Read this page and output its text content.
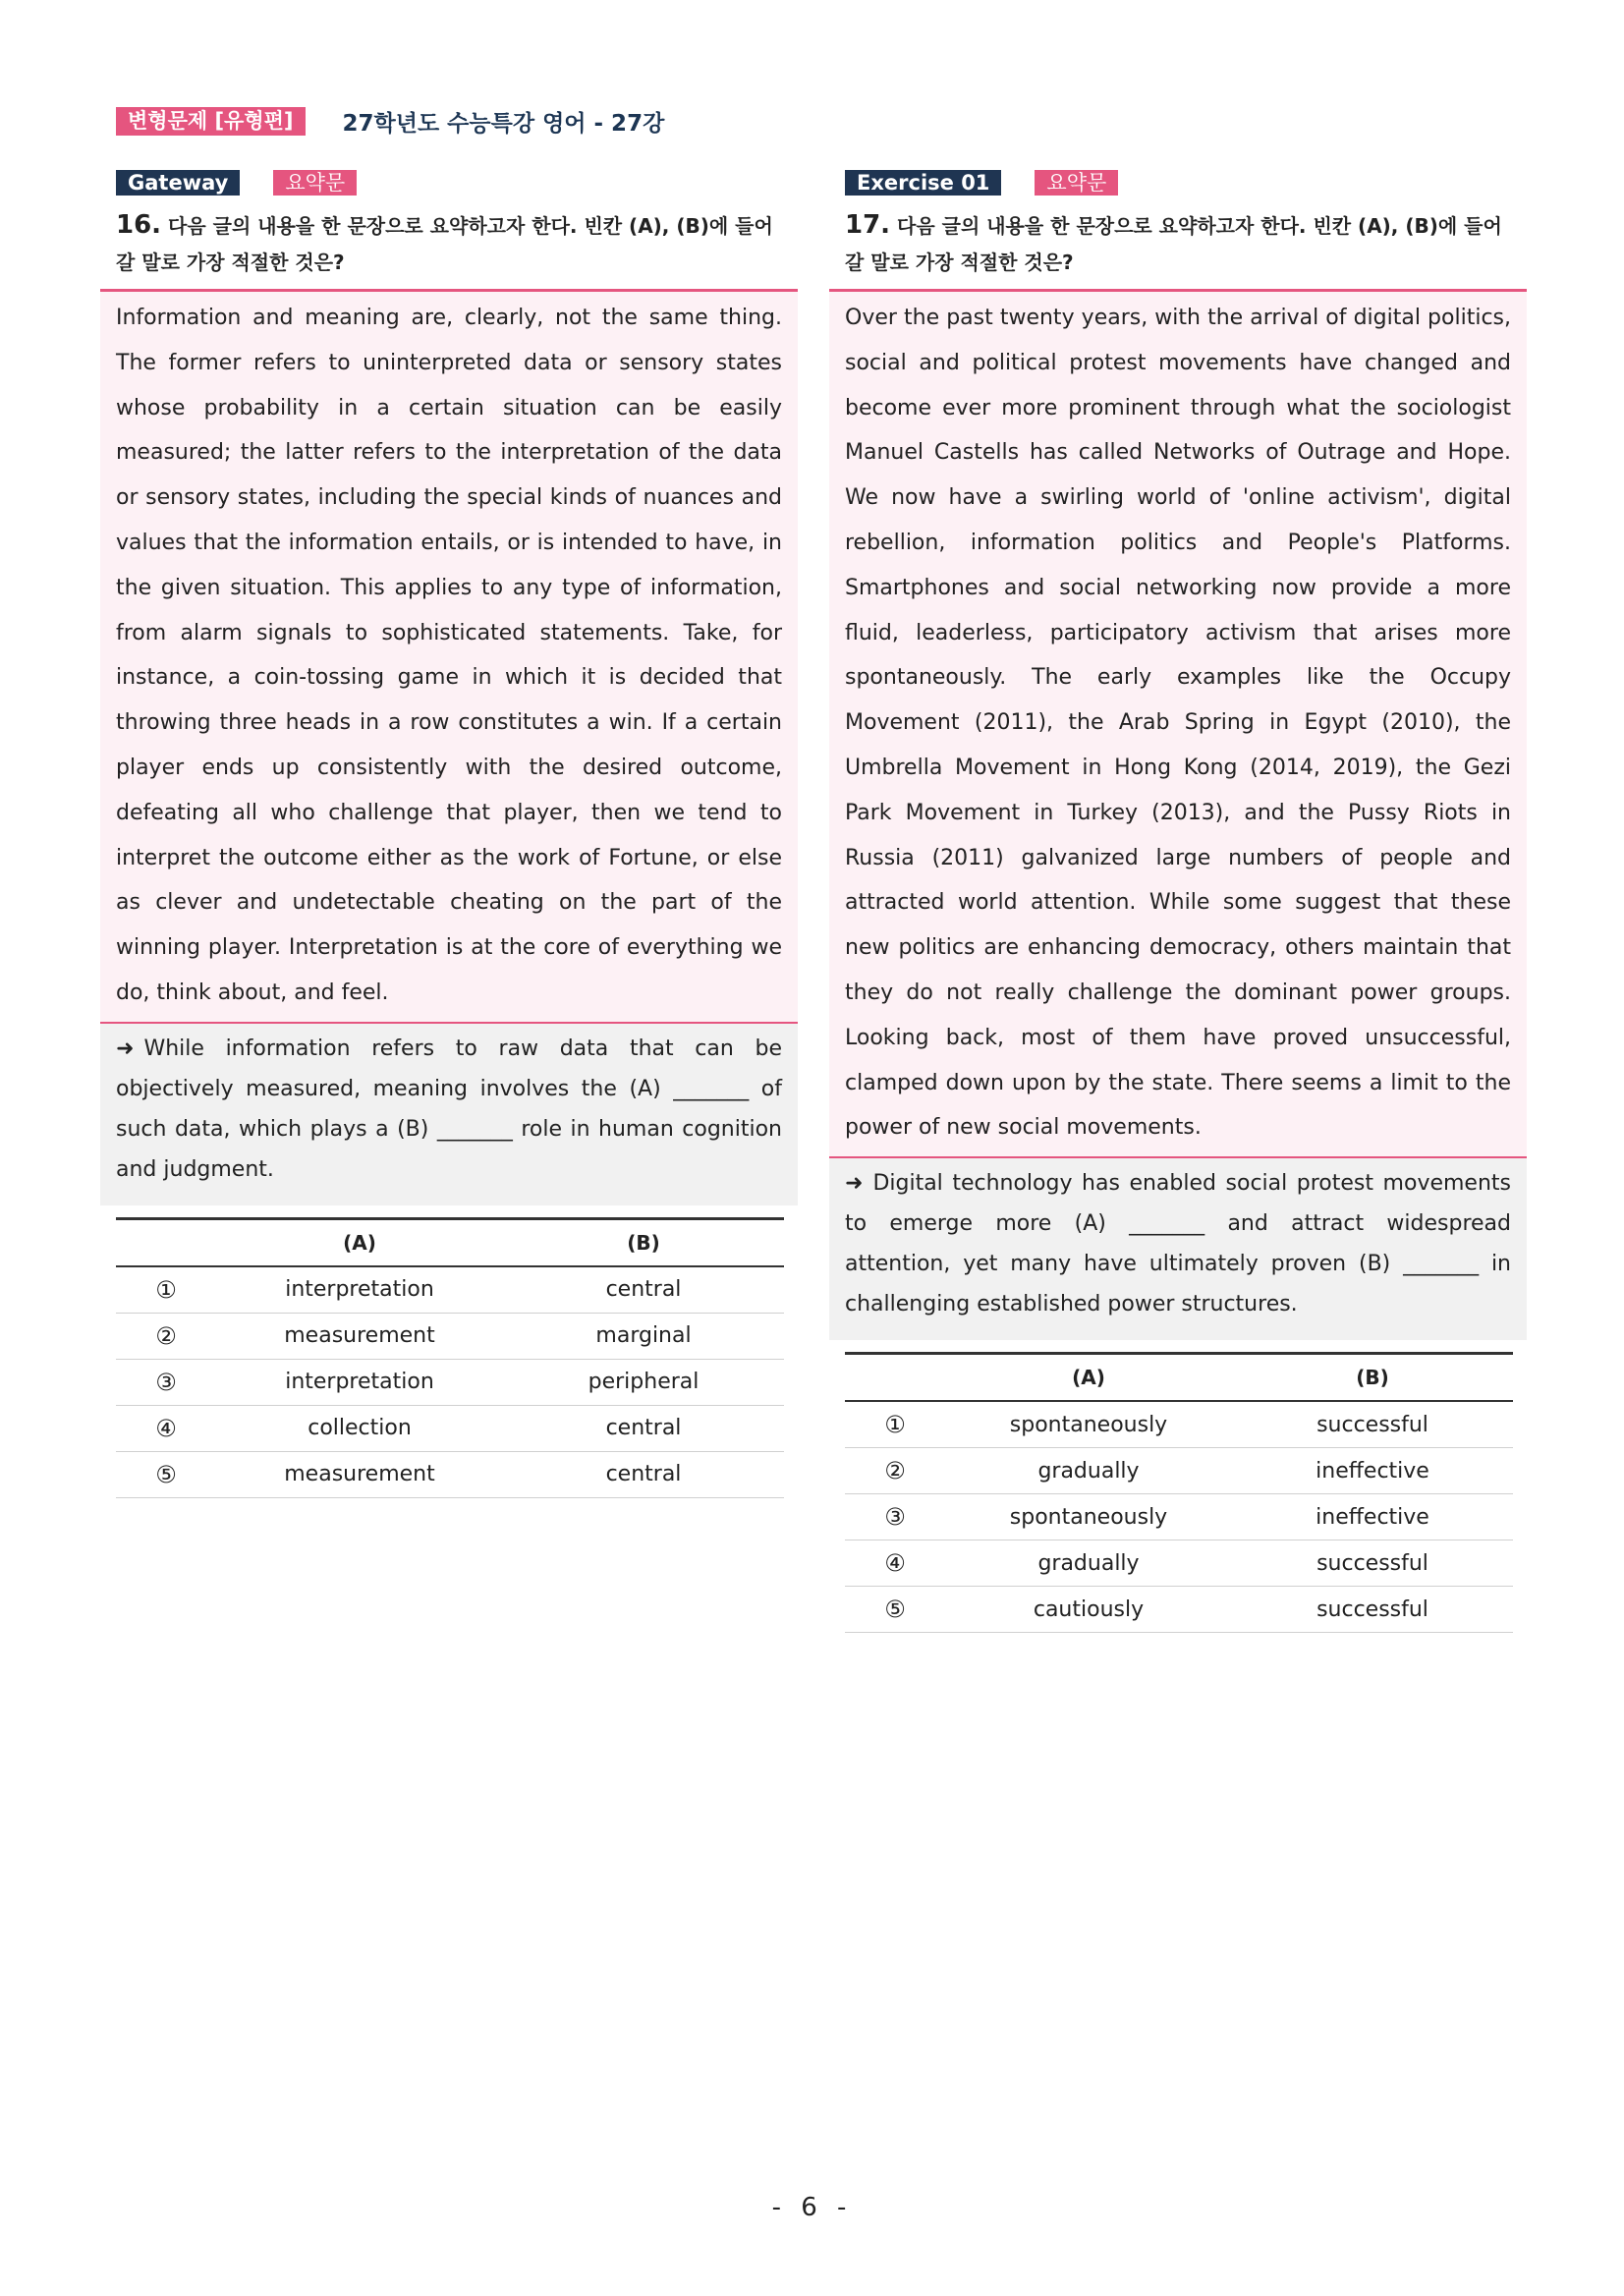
변형문제 [유형편]	27학년도 수능특강 영어 - 27강
Gateway	요약문
16. 다음 글의 내용을 한 문장으로 요약하고자 한다. 빈칸 (A), (B)에 들어갈 말로 가장 적절한 것은?
Information and meaning are, clearly, not the same thing. The former refers to uninterpreted data or sensory states whose probability in a certain situation can be easily measured; the latter refers to the interpretation of the data or sensory states, including the special kinds of nuances and values that the information entails, or is intended to have, in the given situation. This applies to any type of information, from alarm signals to sophisticated statements. Take, for instance, a coin-tossing game in which it is decided that throwing three heads in a row constitutes a win. If a certain player ends up consistently with the desired outcome, defeating all who challenge that player, then we tend to interpret the outcome either as the work of Fortune, or else as clever and undetectable cheating on the part of the winning player. Interpretation is at the core of everything we do, think about, and feel.
➜ While information refers to raw data that can be objectively measured, meaning involves the (A) _______ of such data, which plays a (B) _______ role in human cognition and judgment.
	(A)	(B)
①	interpretation	central
②	measurement	marginal
③	interpretation	peripheral
④	collection	central
⑤	measurement	central
Exercise 01	요약문
17. 다음 글의 내용을 한 문장으로 요약하고자 한다. 빈칸 (A), (B)에 들어갈 말로 가장 적절한 것은?
Over the past twenty years, with the arrival of digital politics, social and political protest movements have changed and become ever more prominent through what the sociologist Manuel Castells has called Networks of Outrage and Hope. We now have a swirling world of 'online activism', digital rebellion, information politics and People's Platforms. Smartphones and social networking now provide a more fluid, leaderless, participatory activism that arises more spontaneously. The early examples like the Occupy Movement (2011), the Arab Spring in Egypt (2010), the Umbrella Movement in Hong Kong (2014, 2019), the Gezi Park Movement in Turkey (2013), and the Pussy Riots in Russia (2011) galvanized large numbers of people and attracted world attention. While some suggest that these new politics are enhancing democracy, others maintain that they do not really challenge the dominant power groups. Looking back, most of them have proved unsuccessful, clamped down upon by the state. There seems a limit to the power of new social movements.
➜ Digital technology has enabled social protest movements to emerge more (A) _______ and attract widespread attention, yet many have ultimately proven (B) _______ in challenging established power structures.
	(A)	(B)
①	spontaneously	successful
②	gradually	ineffective
③	spontaneously	ineffective
④	gradually	successful
⑤	cautiously	successful
- 6 -
